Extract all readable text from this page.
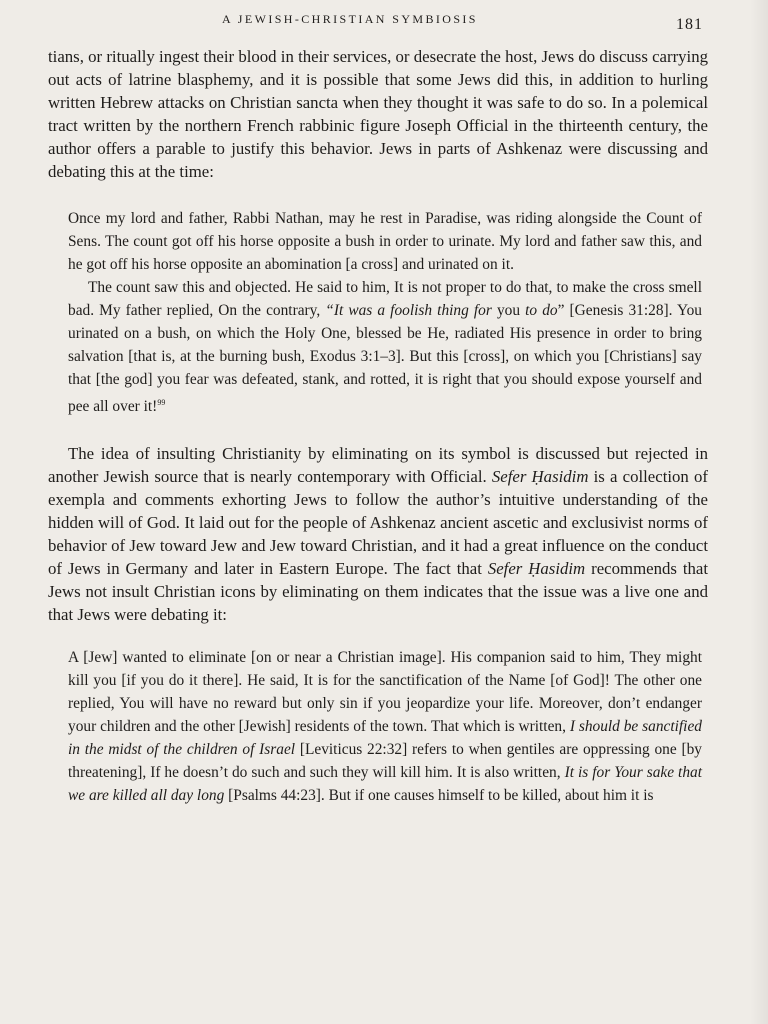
A JEWISH-CHRISTIAN SYMBIOSIS	181

tians, or ritually ingest their blood in their services, or desecrate the host, Jews do discuss carrying out acts of latrine blasphemy, and it is possible that some Jews did this, in addition to hurling written Hebrew attacks on Christian sancta when they thought it was safe to do so. In a polemical tract written by the northern French rabbinic figure Joseph Official in the thirteenth century, the author offers a parable to justify this behavior. Jews in parts of Ashkenaz were discussing and debating this at the time:

Once my lord and father, Rabbi Nathan, may he rest in Paradise, was riding alongside the Count of Sens. The count got off his horse opposite a bush in order to urinate. My lord and father saw this, and he got off his horse opposite an abomination [a cross] and urinated on it.

The count saw this and objected. He said to him, It is not proper to do that, to make the cross smell bad. My father replied, On the contrary, “It was a foolish thing for you to do” [Genesis 31:28]. You urinated on a bush, on which the Holy One, blessed be He, radiated His presence in order to bring salvation [that is, at the burning bush, Exodus 3:1–3]. But this [cross], on which you [Christians] say that [the god] you fear was defeated, stank, and rotted, it is right that you should expose yourself and pee all over it!$^{99}$

The idea of insulting Christianity by eliminating on its symbol is discussed but rejected in another Jewish source that is nearly contemporary with Official. Sefer Ḥasidim is a collection of exempla and comments exhorting Jews to follow the author’s intuitive understanding of the hidden will of God. It laid out for the people of Ashkenaz ancient ascetic and exclusivist norms of behavior of Jew toward Jew and Jew toward Christian, and it had a great influence on the conduct of Jews in Germany and later in Eastern Europe. The fact that Sefer Ḥasidim recommends that Jews not insult Christian icons by eliminating on them indicates that the issue was a live one and that Jews were debating it:

A [Jew] wanted to eliminate [on or near a Christian image]. His companion said to him, They might kill you [if you do it there]. He said, It is for the sanctification of the Name [of God]! The other one replied, You will have no reward but only sin if you jeopardize your life. Moreover, don’t endanger your children and the other [Jewish] residents of the town. That which is written, I should be sanctified in the midst of the children of Israel [Leviticus 22:32] refers to when gentiles are oppressing one [by threatening], If he doesn’t do such and such they will kill him. It is also written, It is for Your sake that we are killed all day long [Psalms 44:23]. But if one causes himself to be killed, about him it is
